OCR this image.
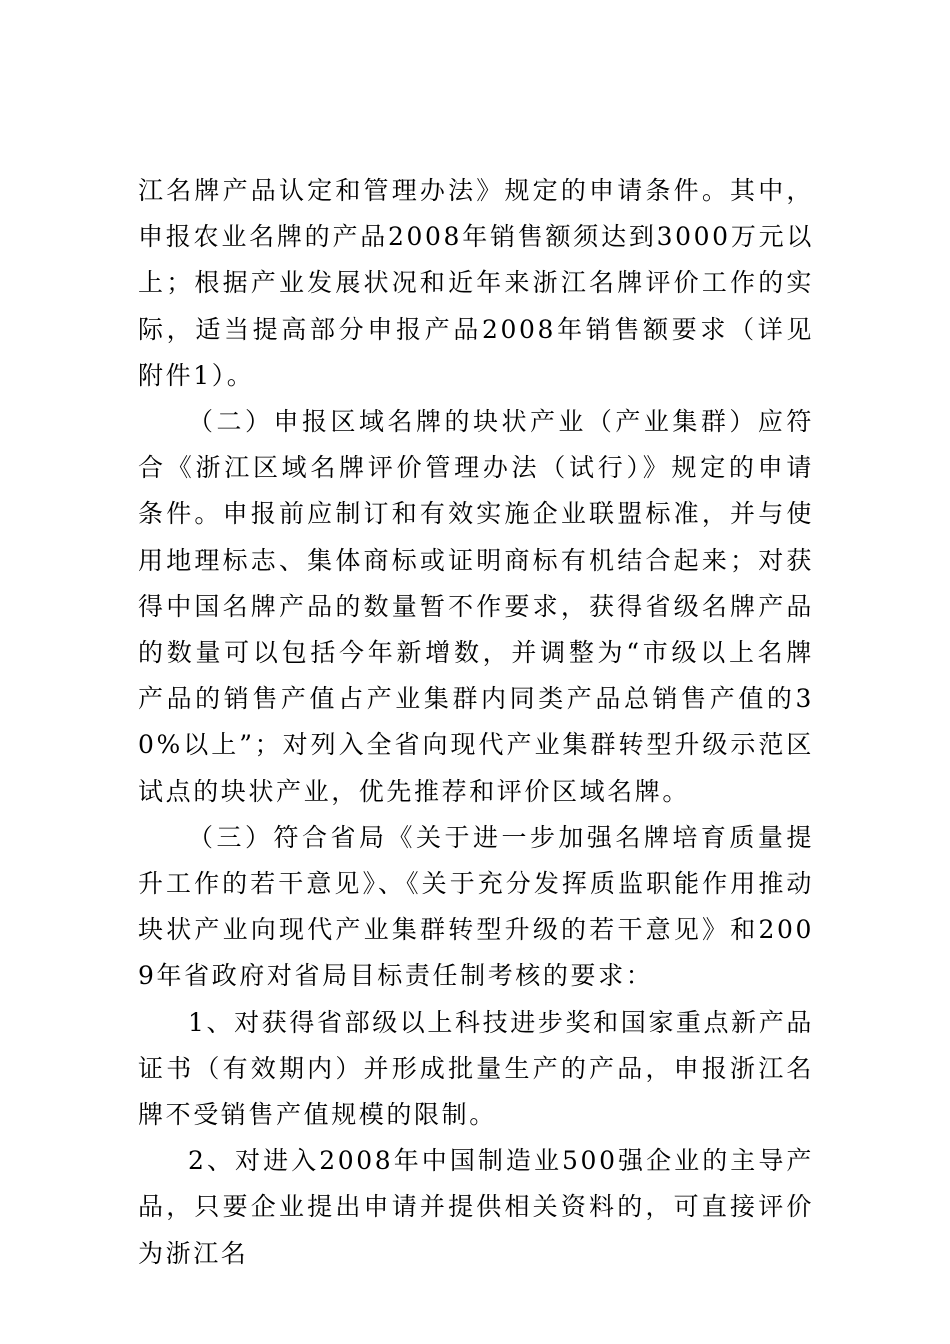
江名牌产品认定和管理办法》规定的申请条件。其中，申报农业名牌的产品2008年销售额须达到3000万元以上；根据产业发展状况和近年来浙江名牌评价工作的实际，适当提高部分申报产品2008年销售额要求（详见附件1）。

（二）申报区域名牌的块状产业（产业集群）应符合《浙江区域名牌评价管理办法（试行）》规定的申请条件。申报前应制订和有效实施企业联盟标准，并与使用地理标志、集体商标或证明商标有机结合起来；对获得中国名牌产品的数量暂不作要求，获得省级名牌产品的数量可以包括今年新增数，并调整为“市级以上名牌产品的销售产值占产业集群内同类产品总销售产值的30%以上”；对列入全省向现代产业集群转型升级示范区试点的块状产业，优先推荐和评价区域名牌。

（三）符合省局《关于进一步加强名牌培育质量提升工作的若干意见》、《关于充分发挥质监职能作用推动块状产业向现代产业集群转型升级的若干意见》和2009年省政府对省局目标责任制考核的要求：

1、对获得省部级以上科技进步奖和国家重点新产品证书（有效期内）并形成批量生产的产品，申报浙江名牌不受销售产值规模的限制。

2、对进入2008年中国制造业500强企业的主导产品，只要企业提出申请并提供相关资料的，可直接评价为浙江名
